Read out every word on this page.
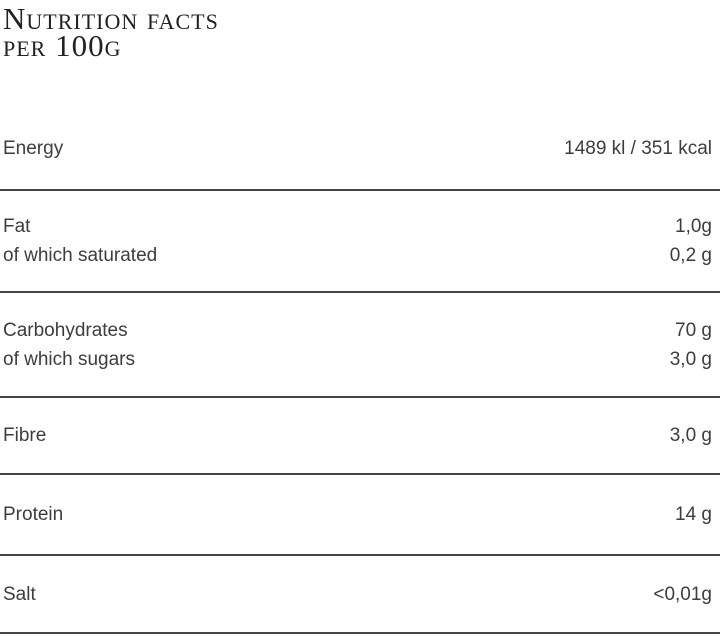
Nutrition facts
per 100g
Energy	1489 kl / 351 kcal
Fat	1,0g
of which saturated	0,2 g
Carbohydrates	70 g
of which sugars	3,0 g
Fibre	3,0 g
Protein	14 g
Salt	<0,01g
